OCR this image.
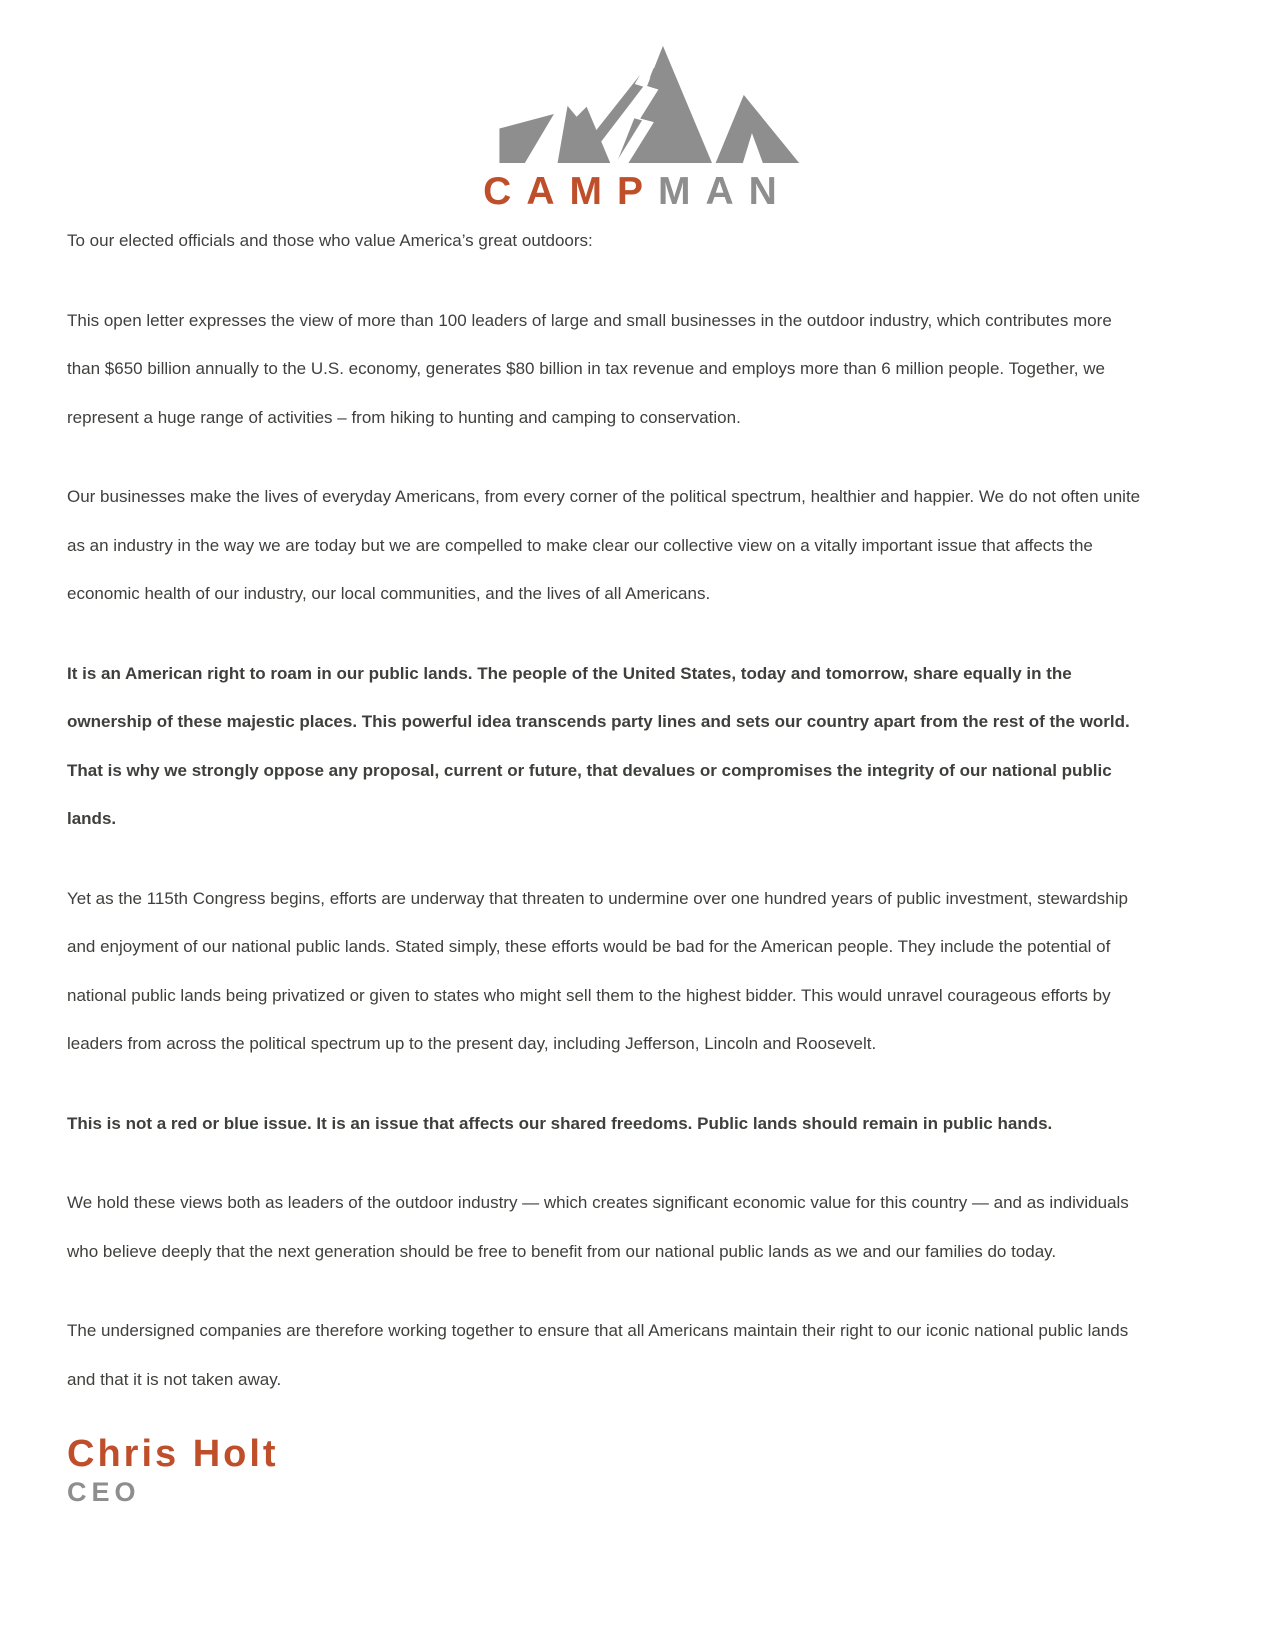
CAMPMAN

To our elected officials and those who value America’s great outdoors:

This open letter expresses the view of more than 100 leaders of large and small businesses in the outdoor industry, which contributes more than $650 billion annually to the U.S. economy, generates $80 billion in tax revenue and employs more than 6 million people. Together, we represent a huge range of activities – from hiking to hunting and camping to conservation.

Our businesses make the lives of everyday Americans, from every corner of the political spectrum, healthier and happier. We do not often unite as an industry in the way we are today but we are compelled to make clear our collective view on a vitally important issue that affects the economic health of our industry, our local communities, and the lives of all Americans.

It is an American right to roam in our public lands. The people of the United States, today and tomorrow, share equally in the ownership of these majestic places. This powerful idea transcends party lines and sets our country apart from the rest of the world. That is why we strongly oppose any proposal, current or future, that devalues or compromises the integrity of our national public lands.

Yet as the 115th Congress begins, efforts are underway that threaten to undermine over one hundred years of public investment, stewardship and enjoyment of our national public lands. Stated simply, these efforts would be bad for the American people. They include the potential of national public lands being privatized or given to states who might sell them to the highest bidder. This would unravel courageous efforts by leaders from across the political spectrum up to the present day, including Jefferson, Lincoln and Roosevelt.

This is not a red or blue issue. It is an issue that affects our shared freedoms. Public lands should remain in public hands.

We hold these views both as leaders of the outdoor industry — which creates significant economic value for this country — and as individuals who believe deeply that the next generation should be free to benefit from our national public lands as we and our families do today.

The undersigned companies are therefore working together to ensure that all Americans maintain their right to our iconic national public lands and that it is not taken away.

Chris Holt
CEO
